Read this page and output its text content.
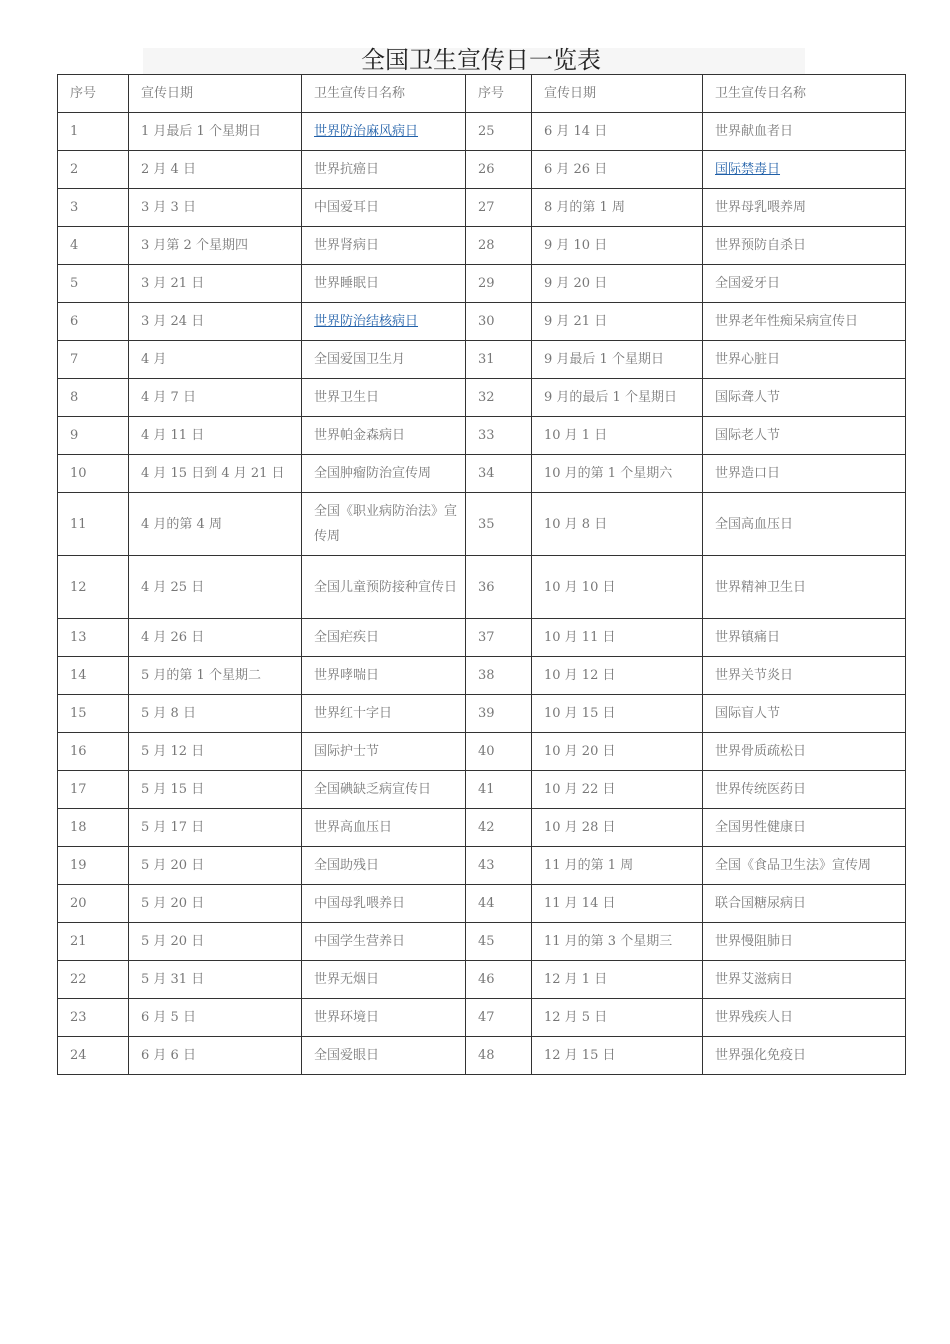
全国卫生宣传日一览表
序号	宣传日期	卫生宣传日名称	序号	宣传日期	卫生宣传日名称
1	1 月最后 1 个星期日	世界防治麻风病日	25	6 月 14 日	世界献血者日
2	2 月 4 日	世界抗癌日	26	6 月 26 日	国际禁毒日
3	3 月 3 日	中国爱耳日	27	8 月的第 1 周	世界母乳喂养周
4	3 月第 2 个星期四	世界肾病日	28	9 月 10 日	世界预防自杀日
5	3 月 21 日	世界睡眠日	29	9 月 20 日	全国爱牙日
6	3 月 24 日	世界防治结核病日	30	9 月 21 日	世界老年性痴呆病宣传日
7	4 月	全国爱国卫生月	31	9 月最后 1 个星期日	世界心脏日
8	4 月 7 日	世界卫生日	32	9 月的最后 1 个星期日	国际聋人节
9	4 月 11 日	世界帕金森病日	33	10 月 1 日	国际老人节
10	4 月 15 日到 4 月 21 日	全国肿瘤防治宣传周	34	10 月的第 1 个星期六	世界造口日
11	4 月的第 4 周	全国《职业病防治法》宣传周	35	10 月 8 日	全国高血压日
12	4 月 25 日	全国儿童预防接种宣传日	36	10 月 10 日	世界精神卫生日
13	4 月 26 日	全国疟疾日	37	10 月 11 日	世界镇痛日
14	5 月的第 1 个星期二	世界哮喘日	38	10 月 12 日	世界关节炎日
15	5 月 8 日	世界红十字日	39	10 月 15 日	国际盲人节
16	5 月 12 日	国际护士节	40	10 月 20 日	世界骨质疏松日
17	5 月 15 日	全国碘缺乏病宣传日	41	10 月 22 日	世界传统医药日
18	5 月 17 日	世界高血压日	42	10 月 28 日	全国男性健康日
19	5 月 20 日	全国助残日	43	11 月的第 1 周	全国《食品卫生法》宣传周
20	5 月 20 日	中国母乳喂养日	44	11 月 14 日	联合国糖尿病日
21	5 月 20 日	中国学生营养日	45	11 月的第 3 个星期三	世界慢阻肺日
22	5 月 31 日	世界无烟日	46	12 月 1 日	世界艾滋病日
23	6 月 5 日	世界环境日	47	12 月 5 日	世界残疾人日
24	6 月 6 日	全国爱眼日	48	12 月 15 日	世界强化免疫日
